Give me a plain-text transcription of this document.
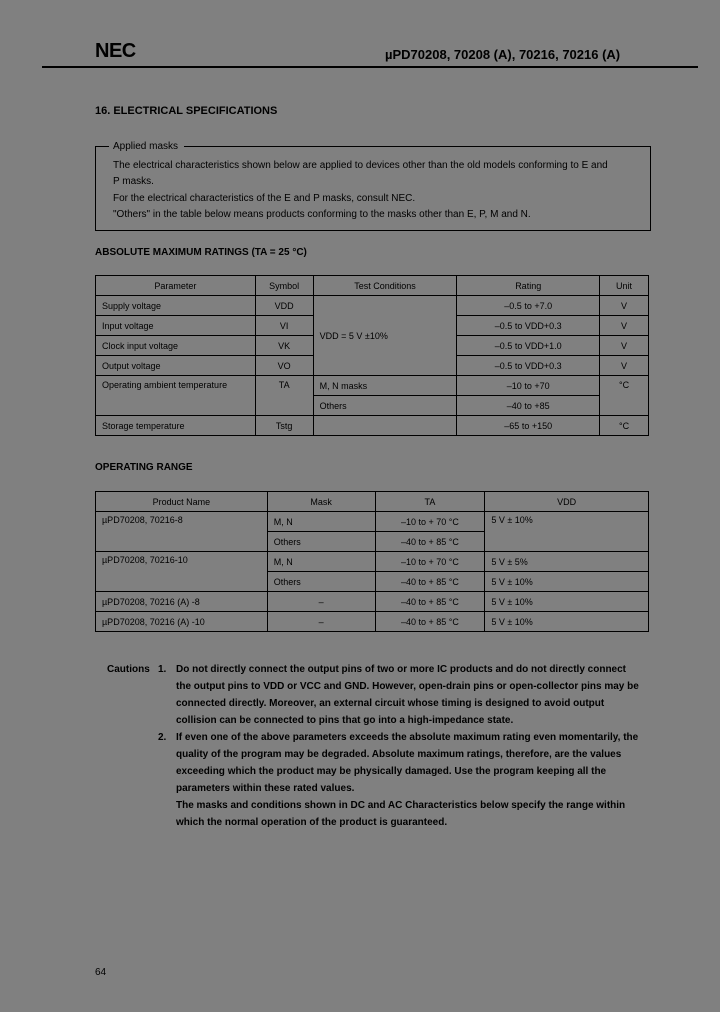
NEC	µPD70208, 70208 (A), 70216, 70216 (A)
16. ELECTRICAL SPECIFICATIONS
Applied masks
The electrical characteristics shown below are applied to devices other than the old models conforming to E and
P masks.
For the electrical characteristics of the E and P masks, consult NEC.
"Others" in the table below means products conforming to the masks other than E, P, M and N.
ABSOLUTE MAXIMUM RATINGS (TA = 25 °C)
Parameter	Symbol	Test Conditions	Rating	Unit
Supply voltage	VDD	VDD = 5 V ±10%	–0.5 to +7.0	V
Input voltage	VI		–0.5 to VDD+0.3	V
Clock input voltage	VK		–0.5 to VDD+1.0	V
Output voltage	VO		–0.5 to VDD+0.3	V
Operating ambient temperature	TA	M, N masks	–10 to +70	°C
		Others	–40 to +85	
Storage temperature	Tstg		–65 to +150	°C
OPERATING RANGE
Product Name	Mask	TA	VDD
µPD70208, 70216-8	M, N	–10 to + 70 °C	5 V ± 10%
	Others	–40 to + 85 °C	
µPD70208, 70216-10	M, N	–10 to + 70 °C	5 V ± 5%
	Others	–40 to + 85 °C	5 V ± 10%
µPD70208, 70216 (A) -8	–	–40 to + 85 °C	5 V ± 10%
µPD70208, 70216 (A) -10	–	–40 to + 85 °C	5 V ± 10%
Cautions 1. Do not directly connect the output pins of two or more IC products and do not directly connect
the output pins to VDD or VCC and GND. However, open-drain pins or open-collector pins may be
connected directly. Moreover, an external circuit whose timing is designed to avoid output
collision can be connected to pins that go into a high-impedance state.
2. If even one of the above parameters exceeds the absolute maximum rating even momentarily, the
quality of the program may be degraded. Absolute maximum ratings, therefore, are the values
exceeding which the product may be physically damaged. Use the program keeping all the
parameters within these rated values.
The masks and conditions shown in DC and AC Characteristics below specify the range within
which the normal operation of the product is guaranteed.
64
